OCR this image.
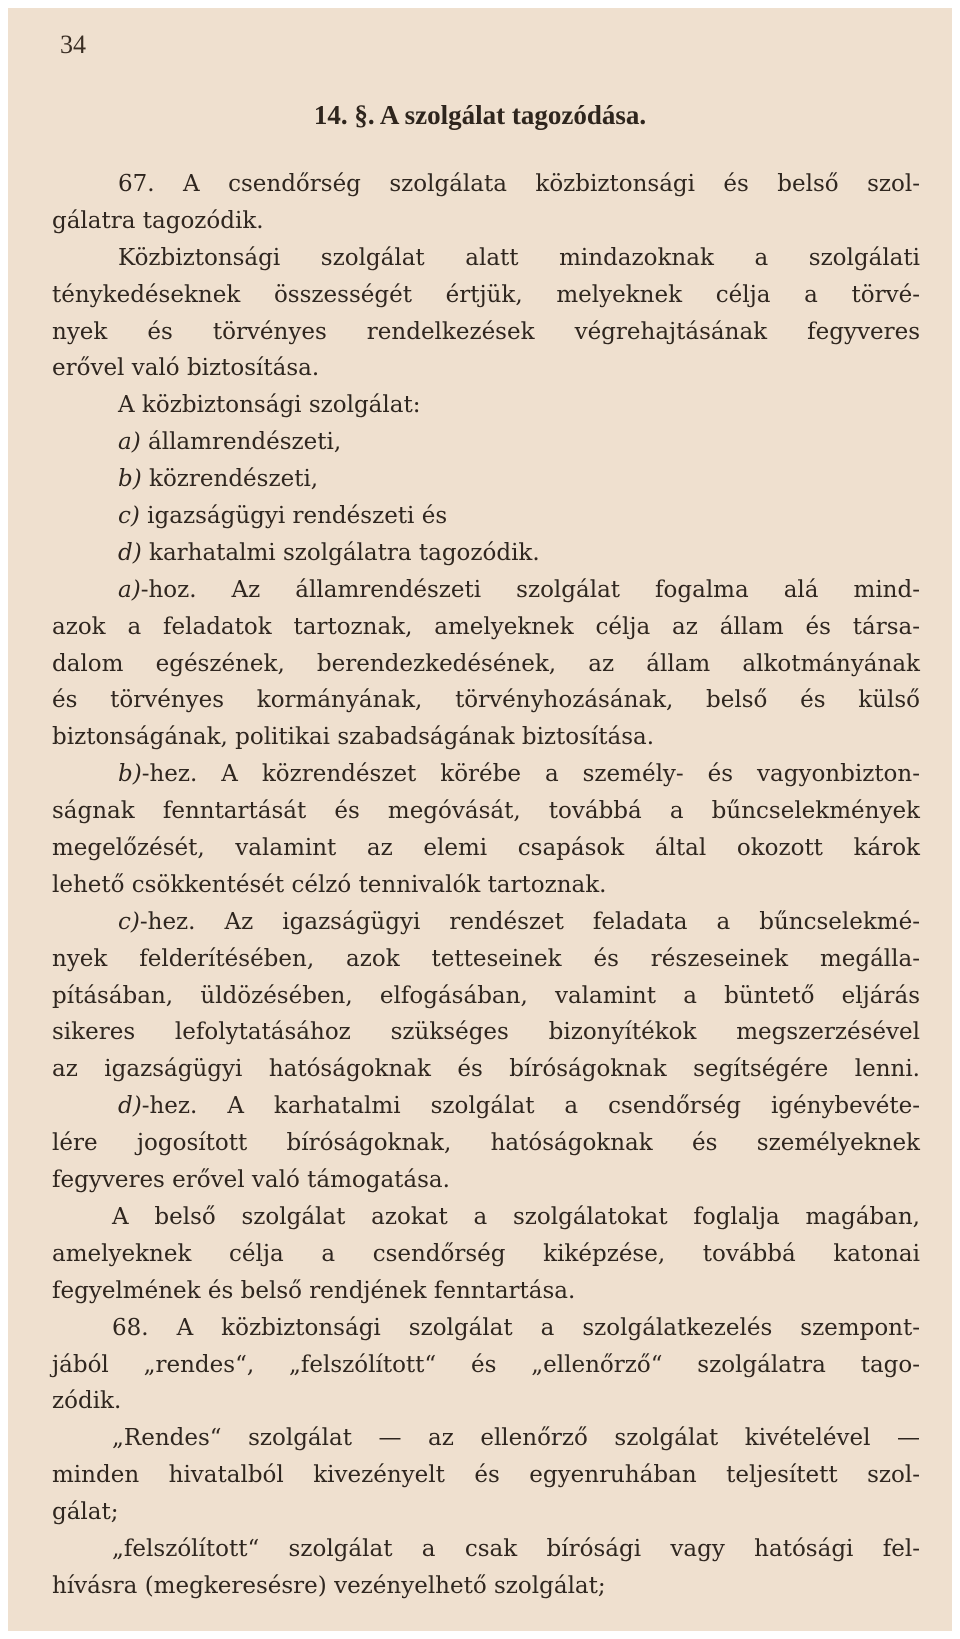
34
14. §. A szolgálat tagozódása.
67. A csendőrség szolgálata közbiztonsági és belső szol-
gálatra tagozódik.
Közbiztonsági szolgálat alatt mindazoknak a szolgálati
ténykedéseknek összességét értjük, melyeknek célja a törvé-
nyek és törvényes rendelkezések végrehajtásának fegyveres
erővel való biztosítása.
A közbiztonsági szolgálat:
a) államrendészeti,
b) közrendészeti,
c) igazságügyi rendészeti és
d) karhatalmi szolgálatra tagozódik.
a)-hoz. Az államrendészeti szolgálat fogalma alá mind-
azok a feladatok tartoznak, amelyeknek célja az állam és társa-
dalom egészének, berendezkedésének, az állam alkotmányának
és törvényes kormányának, törvényhozásának, belső és külső
biztonságának, politikai szabadságának biztosítása.
b)-hez. A közrendészet körébe a személy- és vagyonbizton-
ságnak fenntartását és megóvását, továbbá a bűncselekmények
megelőzését, valamint az elemi csapások által okozott károk
lehető csökkentését célzó tennivalók tartoznak.
c)-hez. Az igazságügyi rendészet feladata a bűncselekmé-
nyek felderítésében, azok tetteseinek és részeseinek megálla-
pításában, üldözésében, elfogásában, valamint a büntető eljárás
sikeres lefolytatásához szükséges bizonyítékok megszerzésével
az igazságügyi hatóságoknak és bíróságoknak segítségére lenni.
d)-hez. A karhatalmi szolgálat a csendőrség igénybevéte-
lére jogosított bíróságoknak, hatóságoknak és személyeknek
fegyveres erővel való támogatása.
A belső szolgálat azokat a szolgálatokat foglalja magában,
amelyeknek célja a csendőrség kiképzése, továbbá katonai
fegyelmének és belső rendjének fenntartása.
68. A közbiztonsági szolgálat a szolgálatkezelés szempont-
jából „rendes“, „felszólított“ és „ellenőrző“ szolgálatra tago-
zódik.
„Rendes“ szolgálat — az ellenőrző szolgálat kivételével —
minden hivatalból kivezényelt és egyenruhában teljesített szol-
gálat;
„felszólított“ szolgálat a csak bírósági vagy hatósági fel-
hívásra (megkeresésre) vezényelhető szolgálat;
